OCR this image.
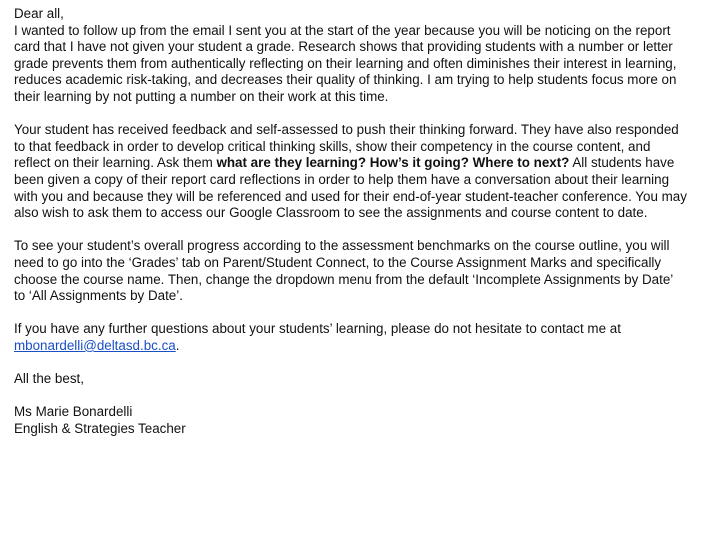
Dear all,

I wanted to follow up from the email I sent you at the start of the year because you will be noticing on the report card that I have not given your student a grade. Research shows that providing students with a number or letter grade prevents them from authentically reflecting on their learning and often diminishes their interest in learning, reduces academic risk-taking, and decreases their quality of thinking. I am trying to help students focus more on their learning by not putting a number on their work at this time.

Your student has received feedback and self-assessed to push their thinking forward. They have also responded to that feedback in order to develop critical thinking skills, show their competency in the course content, and reflect on their learning. Ask them what are they learning? How’s it going? Where to next? All students have been given a copy of their report card reflections in order to help them have a conversation about their learning with you and because they will be referenced and used for their end-of-year student-teacher conference. You may also wish to ask them to access our Google Classroom to see the assignments and course content to date.

To see your student’s overall progress according to the assessment benchmarks on the course outline, you will need to go into the ‘Grades’ tab on Parent/Student Connect, to the Course Assignment Marks and specifically choose the course name. Then, change the dropdown menu from the default ‘Incomplete Assignments by Date’ to ‘All Assignments by Date’.

If you have any further questions about your students’ learning, please do not hesitate to contact me at mbonardelli@deltasd.bc.ca.

All the best,

Ms Marie Bonardelli

English & Strategies Teacher
